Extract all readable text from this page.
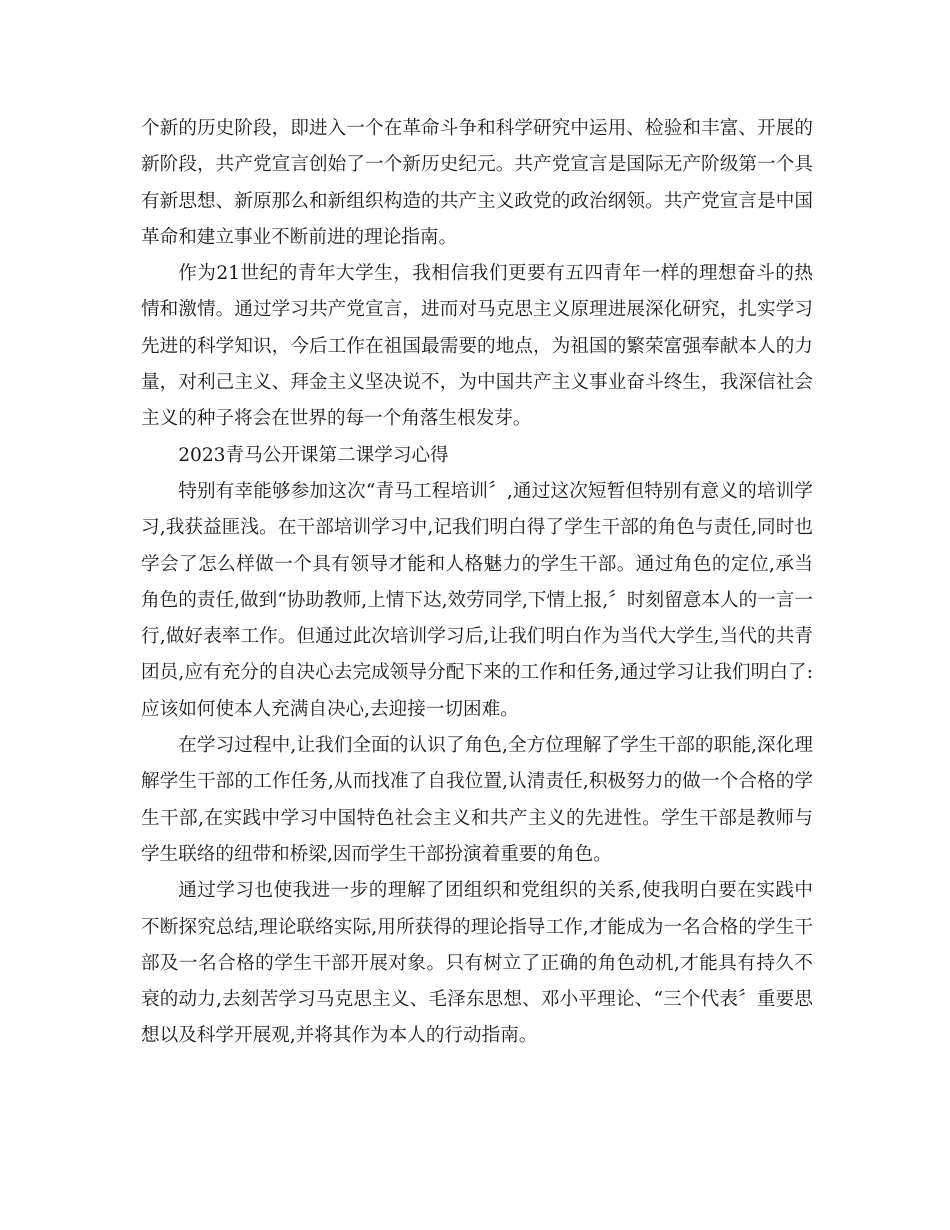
个新的历史阶段，即进入一个在革命斗争和科学研究中运用、检验和丰富、开展的新阶段，共产党宣言创始了一个新历史纪元。共产党宣言是国际无产阶级第一个具有新思想、新原那么和新组织构造的共产主义政党的政治纲领。共产党宣言是中国革命和建立事业不断前进的理论指南。

作为21世纪的青年大学生，我相信我们更要有五四青年一样的理想奋斗的热情和激情。通过学习共产党宣言，进而对马克思主义原理进展深化研究，扎实学习先进的科学知识，今后工作在祖国最需要的地点，为祖国的繁荣富强奉献本人的力量，对利己主义、拜金主义坚决说不，为中国共产主义事业奋斗终生，我深信社会主义的种子将会在世界的每一个角落生根发芽。

2023青马公开课第二课学习心得

特别有幸能够参加这次“青马工程培训〞,通过这次短暂但特别有意义的培训学习,我获益匪浅。在干部培训学习中,记我们明白得了学生干部的角色与责任,同时也学会了怎么样做一个具有领导才能和人格魅力的学生干部。通过角色的定位,承当角色的责任,做到“协助教师,上情下达,效劳同学,下情上报,〞时刻留意本人的一言一行,做好表率工作。但通过此次培训学习后,让我们明白作为当代大学生,当代的共青团员,应有充分的自决心去完成领导分配下来的工作和任务,通过学习让我们明白了:应该如何使本人充满自决心,去迎接一切困难。

在学习过程中,让我们全面的认识了角色,全方位理解了学生干部的职能,深化理解学生干部的工作任务,从而找准了自我位置,认清责任,积极努力的做一个合格的学生干部,在实践中学习中国特色社会主义和共产主义的先进性。学生干部是教师与学生联络的纽带和桥梁,因而学生干部扮演着重要的角色。

通过学习也使我进一步的理解了团组织和党组织的关系,使我明白要在实践中不断探究总结,理论联络实际,用所获得的理论指导工作,才能成为一名合格的学生干部及一名合格的学生干部开展对象。只有树立了正确的角色动机,才能具有持久不衰的动力,去刻苦学习马克思主义、毛泽东思想、邓小平理论、“三个代表〞重要思想以及科学开展观,并将其作为本人的行动指南。
